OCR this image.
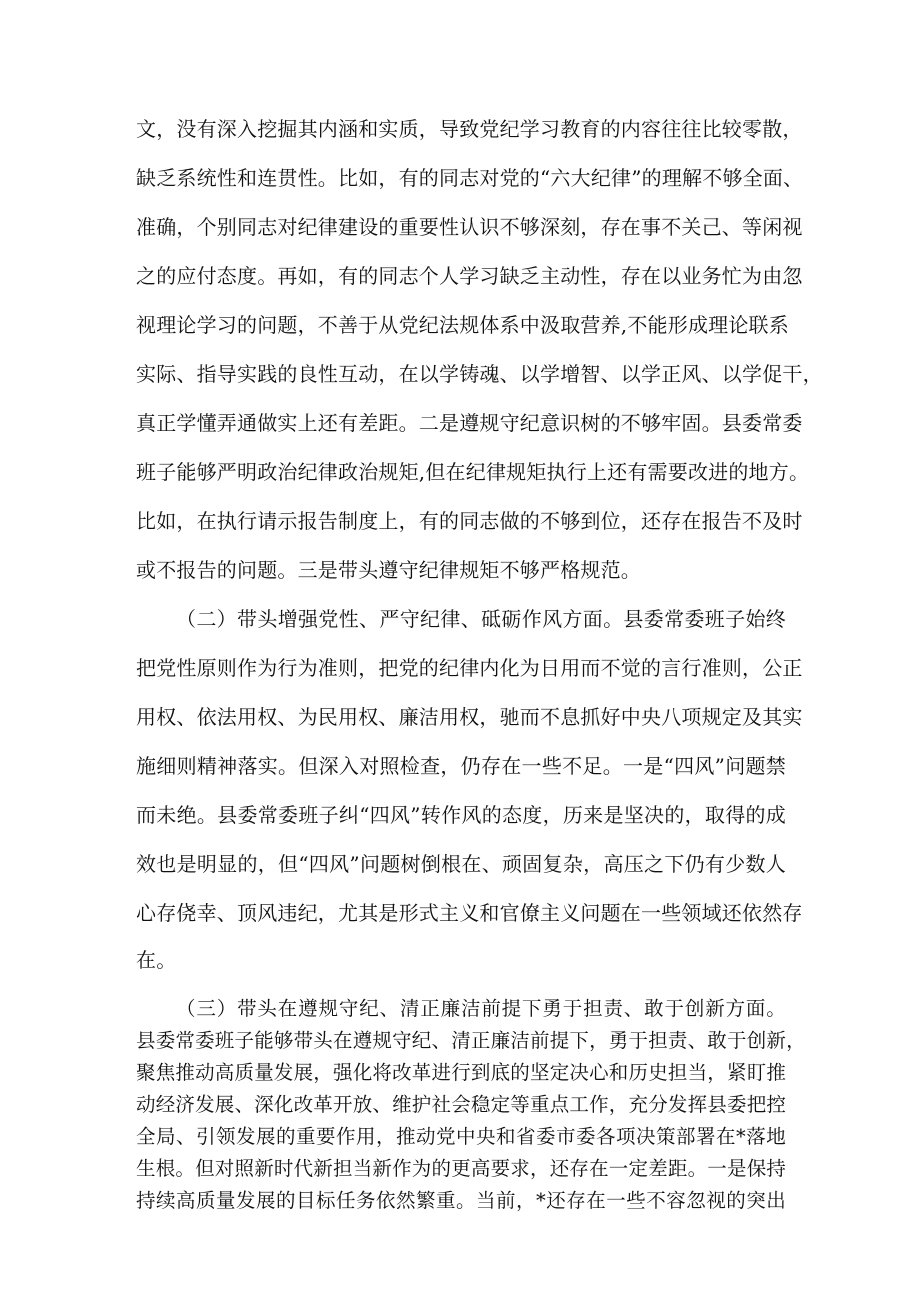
文，没有深入挖掘其内涵和实质，导致党纪学习教育的内容往往比较零散，
缺乏系统性和连贯性。比如，有的同志对党的“六大纪律”的理解不够全面、
准确，个别同志对纪律建设的重要性认识不够深刻，存在事不关己、等闲视
之的应付态度。再如，有的同志个人学习缺乏主动性，存在以业务忙为由忽
视理论学习的问题，不善于从党纪法规体系中汲取营养,不能形成理论联系
实际、指导实践的良性互动，在以学铸魂、以学增智、以学正风、以学促干，
真正学懂弄通做实上还有差距。二是遵规守纪意识树的不够牢固。县委常委
班子能够严明政治纪律政治规矩,但在纪律规矩执行上还有需要改进的地方。
比如，在执行请示报告制度上，有的同志做的不够到位，还存在报告不及时
或不报告的问题。三是带头遵守纪律规矩不够严格规范。
（二）带头增强党性、严守纪律、砥砺作风方面。县委常委班子始终
把党性原则作为行为准则，把党的纪律内化为日用而不觉的言行准则，公正
用权、依法用权、为民用权、廉洁用权，驰而不息抓好中央八项规定及其实
施细则精神落实。但深入对照检查，仍存在一些不足。一是“四风”问题禁
而未绝。县委常委班子纠“四风”转作风的态度，历来是坚决的，取得的成
效也是明显的，但“四风”问题树倒根在、顽固复杂，高压之下仍有少数人
心存侥幸、顶风违纪，尤其是形式主义和官僚主义问题在一些领域还依然存
在。
（三）带头在遵规守纪、清正廉洁前提下勇于担责、敢于创新方面。
县委常委班子能够带头在遵规守纪、清正廉洁前提下，勇于担责、敢于创新，
聚焦推动高质量发展，强化将改革进行到底的坚定决心和历史担当，紧盯推
动经济发展、深化改革开放、维护社会稳定等重点工作，充分发挥县委把控
全局、引领发展的重要作用，推动党中央和省委市委各项决策部署在*落地
生根。但对照新时代新担当新作为的更高要求，还存在一定差距。一是保持
持续高质量发展的目标任务依然繁重。当前，*还存在一些不容忽视的突出
